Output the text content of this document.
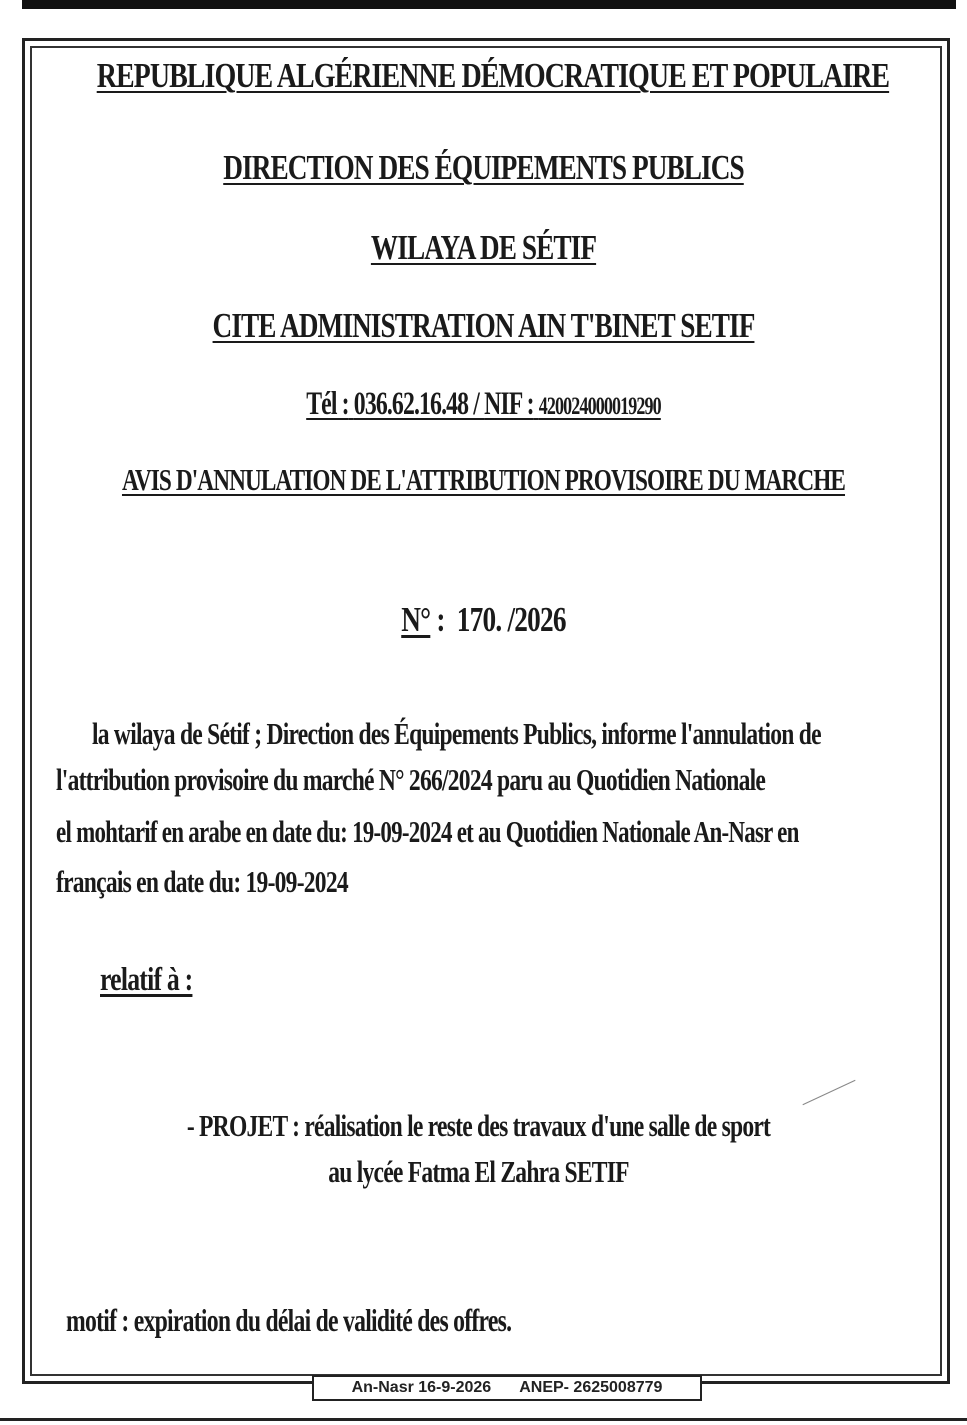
REPUBLIQUE ALGÉRIENNE DÉMOCRATIQUE ET POPULAIRE
DIRECTION DES ÉQUIPEMENTS PUBLICS
WILAYA DE SÉTIF
CITE ADMINISTRATION AIN T'BINET SETIF
Tél : 036.62.16.48 / NIF : 420024000019290
AVIS D'ANNULATION DE L'ATTRIBUTION PROVISOIRE DU MARCHE
N° : 170. /2026
la wilaya de Sétif ; Direction des Équipements Publics, informe l'annulation de
l'attribution provisoire du marché N° 266/2024 paru au Quotidien Nationale
el mohtarif en arabe en date du: 19-09-2024 et au Quotidien Nationale An-Nasr en
français en date du: 19-09-2024
relatif à :
- PROJET : réalisation le reste des travaux d'une salle de sport
au lycée Fatma El Zahra SETIF
motif : expiration du délai de validité des offres.
An-Nasr 16-9-2026 ANEP- 2625008779
